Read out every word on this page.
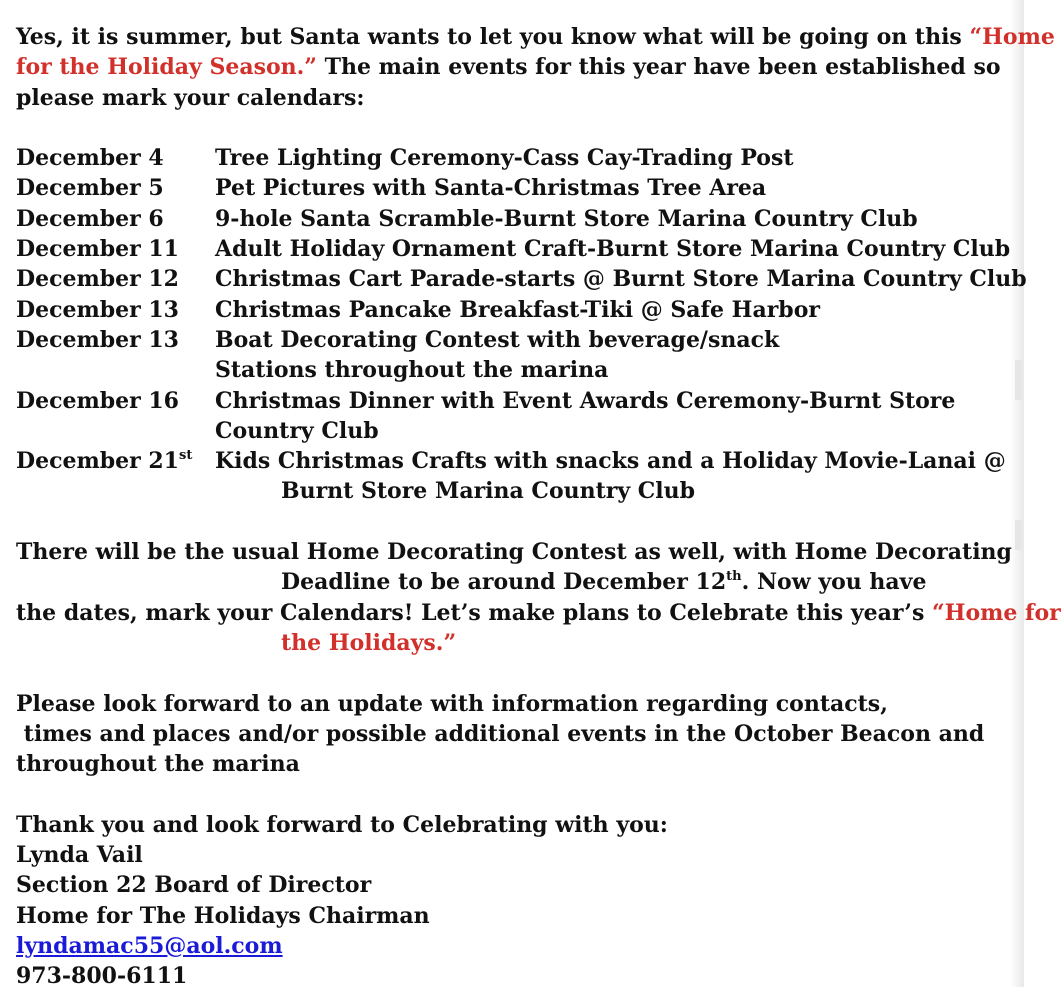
Yes, it is summer, but Santa wants to let you know what will be going on this “Home
for the Holiday Season.” The main events for this year have been established so
please mark your calendars:
December 4	Tree Lighting Ceremony-Cass Cay-Trading Post
December 5	Pet Pictures with Santa-Christmas Tree Area
December 6	9-hole Santa Scramble-Burnt Store Marina Country Club
December 11	Adult Holiday Ornament Craft-Burnt Store Marina Country Club
December 12	Christmas Cart Parade-starts @ Burnt Store Marina Country Club
December 13	Christmas Pancake Breakfast-Tiki @ Safe Harbor
December 13	Boat Decorating Contest with beverage/snack
Stations throughout the marina
December 16	Christmas Dinner with Event Awards Ceremony-Burnt Store
Country Club
December 21st	Kids Christmas Crafts with snacks and a Holiday Movie-Lanai @
Burnt Store Marina Country Club
There will be the usual Home Decorating Contest as well, with Home Decorating
Deadline to be around December 12th. Now you have
the dates, mark your Calendars! Let’s make plans to Celebrate this year’s “Home for
the Holidays.”
Please look forward to an update with information regarding contacts,
times and places and/or possible additional events in the October Beacon and
throughout the marina
Thank you and look forward to Celebrating with you:
Lynda Vail
Section 22 Board of Director
Home for The Holidays Chairman
lyndamac55@aol.com
973-800-6111
